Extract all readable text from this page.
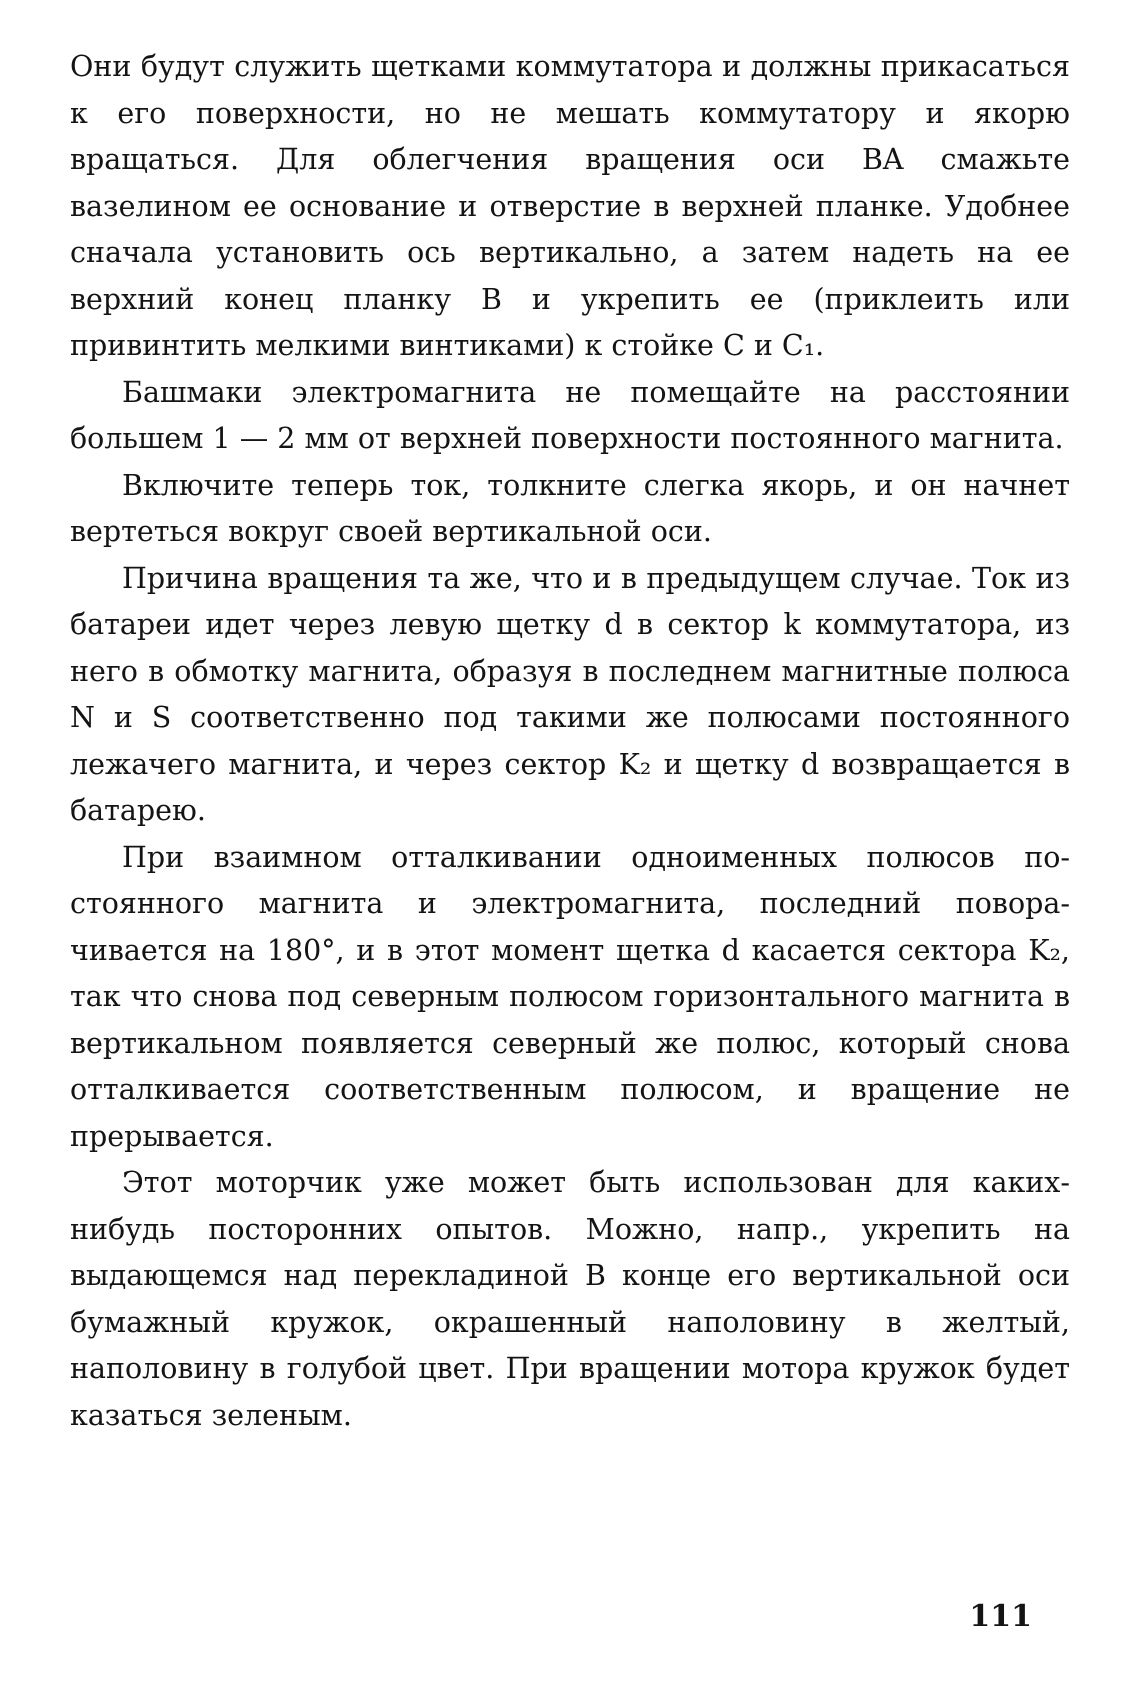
Они будут служить щетками коммутатора и должны прикасаться к его поверхности, но не мешать коммутатору и якорю вращаться. Для облегчения вращения оси BA смажьте вазелином ее основание и отверстие в верхней планке. Удобнее сначала установить ось вертикально, а затем надеть на ее верхний конец планку B и укрепить ее (приклеить или привинтить мелкими винтиками) к стойке C и C₁.

Башмаки электромагнита не помещайте на расстоянии большем 1 — 2 мм от верхней поверхности постоянного магнита.

Включите теперь ток, толкните слегка якорь, и он начнет вертеться вокруг своей вертикальной оси.

Причина вращения та же, что и в предыдущем случае. Ток из батареи идет через левую щетку d в сектор k коммутатора, из него в обмотку магнита, образуя в последнем магнитные полюса N и S соответственно под такими же полюсами постоянного лежачего магнита, и через сектор K₂ и щетку d возвращается в батарею.

При взаимном отталкивании одноименных полюсов постоянного магнита и электромагнита, последний поворачивается на 180°, и в этот момент щетка d касается сектора K₂, так что снова под северным полюсом горизонтального магнита в вертикальном появляется северный же полюс, который снова отталкивается соответственным полюсом, и вращение не прерывается.

Этот моторчик уже может быть использован для каких-нибудь посторонних опытов. Можно, напр., укрепить на выдающемся над перекладиной B конце его вертикальной оси бумажный кружок, окрашенный наполовину в желтый, наполовину в голубой цвет. При вращении мотора кружок будет казаться зеленым.

111
